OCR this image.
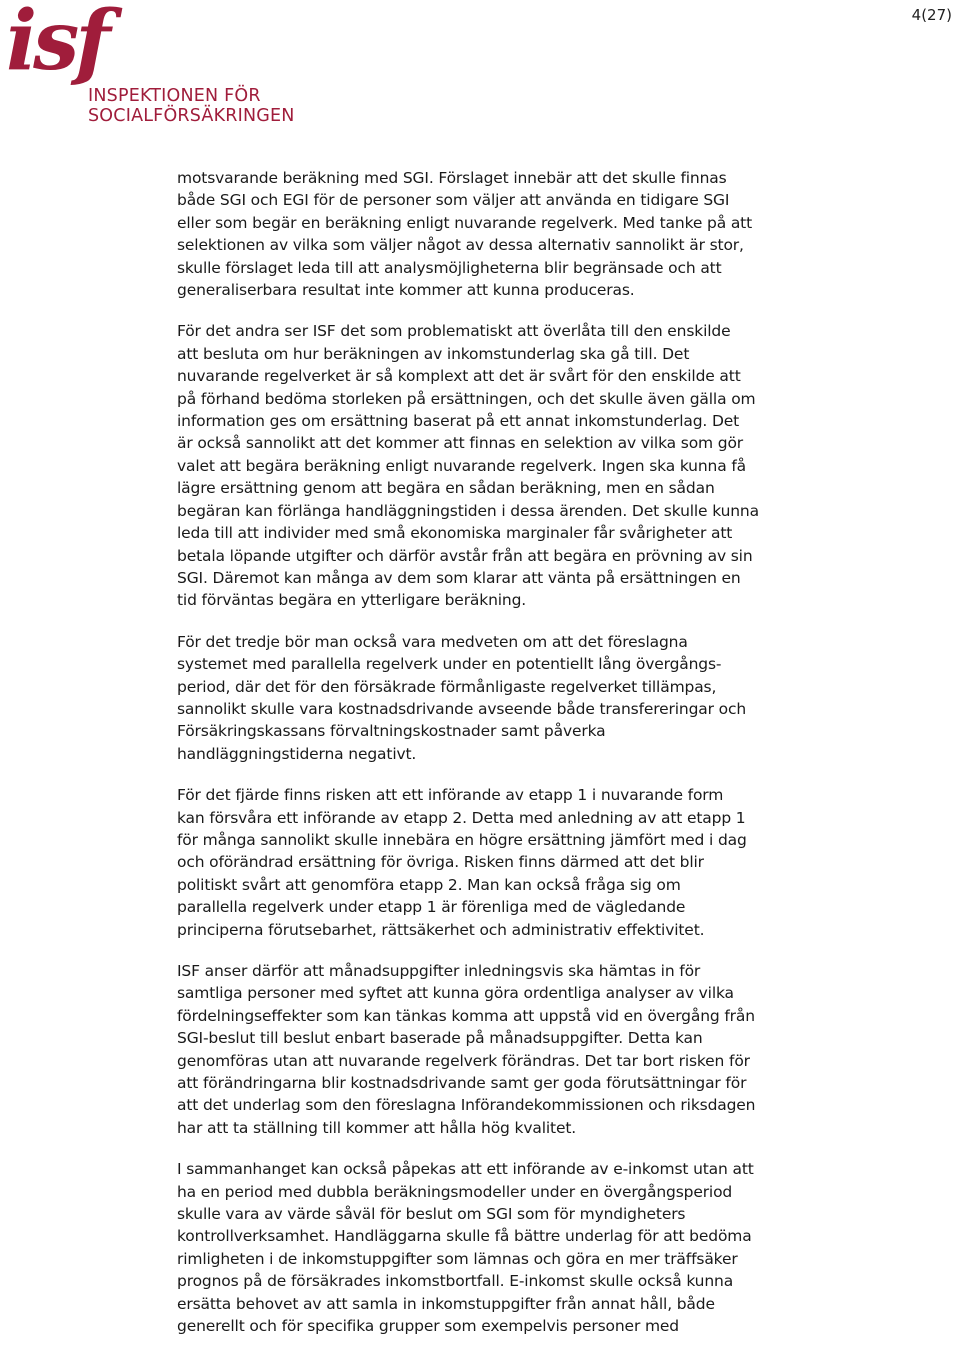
isf
INSPEKTIONEN FÖR
SOCIALFÖRSÄKRINGEN
4(27)

motsvarande beräkning med SGI. Förslaget innebär att det skulle finnas
både SGI och EGI för de personer som väljer att använda en tidigare SGI
eller som begär en beräkning enligt nuvarande regelverk. Med tanke på att
selektionen av vilka som väljer något av dessa alternativ sannolikt är stor,
skulle förslaget leda till att analysmöjligheterna blir begränsade och att
generaliserbara resultat inte kommer att kunna produceras.

För det andra ser ISF det som problematiskt att överlåta till den enskilde
att besluta om hur beräkningen av inkomstunderlag ska gå till. Det
nuvarande regelverket är så komplext att det är svårt för den enskilde att
på förhand bedöma storleken på ersättningen, och det skulle även gälla om
information ges om ersättning baserat på ett annat inkomstunderlag. Det
är också sannolikt att det kommer att finnas en selektion av vilka som gör
valet att begära beräkning enligt nuvarande regelverk. Ingen ska kunna få
lägre ersättning genom att begära en sådan beräkning, men en sådan
begäran kan förlänga handläggningstiden i dessa ärenden. Det skulle kunna
leda till att individer med små ekonomiska marginaler får svårigheter att
betala löpande utgifter och därför avstår från att begära en prövning av sin
SGI. Däremot kan många av dem som klarar att vänta på ersättningen en
tid förväntas begära en ytterligare beräkning.

För det tredje bör man också vara medveten om att det föreslagna
systemet med parallella regelverk under en potentiellt lång övergångs-
period, där det för den försäkrade förmånligaste regelverket tillämpas,
sannolikt skulle vara kostnadsdrivande avseende både transfereringar och
Försäkringskassans förvaltningskostnader samt påverka
handläggningstiderna negativt.

För det fjärde finns risken att ett införande av etapp 1 i nuvarande form
kan försvåra ett införande av etapp 2. Detta med anledning av att etapp 1
för många sannolikt skulle innebära en högre ersättning jämfört med i dag
och oförändrad ersättning för övriga. Risken finns därmed att det blir
politiskt svårt att genomföra etapp 2. Man kan också fråga sig om
parallella regelverk under etapp 1 är förenliga med de vägledande
principerna förutsebarhet, rättsäkerhet och administrativ effektivitet.

ISF anser därför att månadsuppgifter inledningsvis ska hämtas in för
samtliga personer med syftet att kunna göra ordentliga analyser av vilka
fördelningseffekter som kan tänkas komma att uppstå vid en övergång från
SGI-beslut till beslut enbart baserade på månadsuppgifter. Detta kan
genomföras utan att nuvarande regelverk förändras. Det tar bort risken för
att förändringarna blir kostnadsdrivande samt ger goda förutsättningar för
att det underlag som den föreslagna Införandekommissionen och riksdagen
har att ta ställning till kommer att hålla hög kvalitet.

I sammanhanget kan också påpekas att ett införande av e-inkomst utan att
ha en period med dubbla beräkningsmodeller under en övergångsperiod
skulle vara av värde såväl för beslut om SGI som för myndigheters
kontrollverksamhet. Handläggarna skulle få bättre underlag för att bedöma
rimligheten i de inkomstuppgifter som lämnas och göra en mer träffsäker
prognos på de försäkrades inkomstbortfall. E-inkomst skulle också kunna
ersätta behovet av att samla in inkomstuppgifter från annat håll, både
generellt och för specifika grupper som exempelvis personer med
